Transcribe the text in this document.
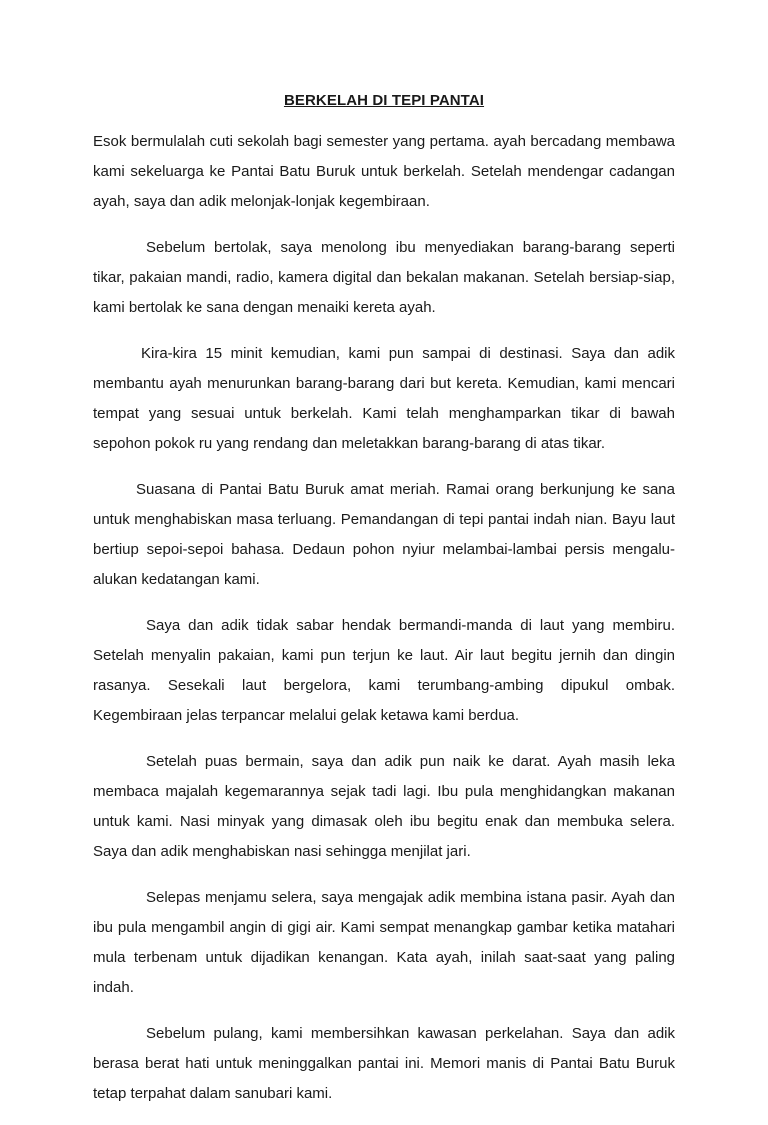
BERKELAH DI TEPI PANTAI

Esok bermulalah cuti sekolah bagi semester yang pertama. ayah bercadang membawa kami sekeluarga ke Pantai Batu Buruk untuk berkelah. Setelah mendengar cadangan ayah, saya dan adik melonjak-lonjak kegembiraan.

Sebelum bertolak, saya menolong ibu menyediakan barang-barang seperti tikar, pakaian mandi, radio, kamera digital dan bekalan makanan. Setelah bersiap-siap, kami bertolak ke sana dengan menaiki kereta ayah.

Kira-kira 15 minit kemudian, kami pun sampai di destinasi. Saya dan adik membantu ayah menurunkan barang-barang dari but kereta. Kemudian, kami mencari tempat yang sesuai untuk berkelah. Kami telah menghamparkan tikar di bawah sepohon pokok ru yang rendang dan meletakkan barang-barang di atas tikar.

Suasana di Pantai Batu Buruk amat meriah. Ramai orang berkunjung ke sana untuk menghabiskan masa terluang. Pemandangan di tepi pantai indah nian. Bayu laut bertiup sepoi-sepoi bahasa. Dedaun pohon nyiur melambai-lambai persis mengalu-alukan kedatangan kami.

Saya dan adik tidak sabar hendak bermandi-manda di laut yang membiru. Setelah menyalin pakaian, kami pun terjun ke laut. Air laut begitu jernih dan dingin rasanya. Sesekali laut bergelora, kami terumbang-ambing dipukul ombak. Kegembiraan jelas terpancar melalui gelak ketawa kami berdua.

Setelah puas bermain, saya dan adik pun naik ke darat. Ayah masih leka membaca majalah kegemarannya sejak tadi lagi. Ibu pula menghidangkan makanan untuk kami. Nasi minyak yang dimasak oleh ibu begitu enak dan membuka selera. Saya dan adik menghabiskan nasi sehingga menjilat jari.

Selepas menjamu selera, saya mengajak adik membina istana pasir. Ayah dan ibu pula mengambil angin di gigi air. Kami sempat menangkap gambar ketika matahari mula terbenam untuk dijadikan kenangan. Kata ayah, inilah saat-saat yang paling indah.

Sebelum pulang, kami membersihkan kawasan perkelahan. Saya dan adik berasa berat hati untuk meninggalkan pantai ini. Memori manis di Pantai Batu Buruk tetap terpahat dalam sanubari kami.
